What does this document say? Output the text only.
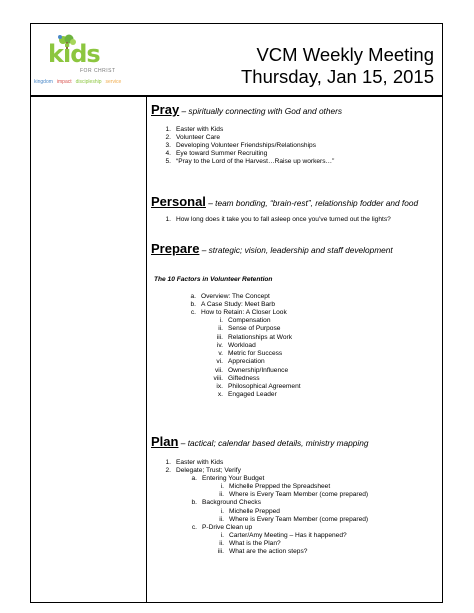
kids
FOR CHRIST
kingdom impact discipleship service
VCM Weekly Meeting
Thursday, Jan 15, 2015
Pray – spiritually connecting with God and others
1. Easter with Kids
2. Volunteer Care
3. Developing Volunteer Friendships/Relationships
4. Eye toward Summer Recruiting
5. “Pray to the Lord of the Harvest…Raise up workers…”
Personal – team bonding, “brain-rest”, relationship fodder and food
1. How long does it take you to fall asleep once you’ve turned out the lights?
Prepare – strategic; vision, leadership and staff development
The 10 Factors in Volunteer Retention
a. Overview: The Concept
b. A Case Study: Meet Barb
c. How to Retain: A Closer Look
i. Compensation
ii. Sense of Purpose
iii. Relationships at Work
iv. Workload
v. Metric for Success
vi. Appreciation
vii. Ownership/Influence
viii. Giftedness
ix. Philosophical Agreement
x. Engaged Leader
Plan – tactical; calendar based details, ministry mapping
1. Easter with Kids
2. Delegate; Trust; Verify
a. Entering Your Budget
i. Michelle Prepped the Spreadsheet
ii. Where is Every Team Member (come prepared)
b. Background Checks
i. Michelle Prepped
ii. Where is Every Team Member (come prepared)
c. P-Drive Clean up
i. Carter/Amy Meeting – Has it happened?
ii. What is the Plan?
iii. What are the action steps?
